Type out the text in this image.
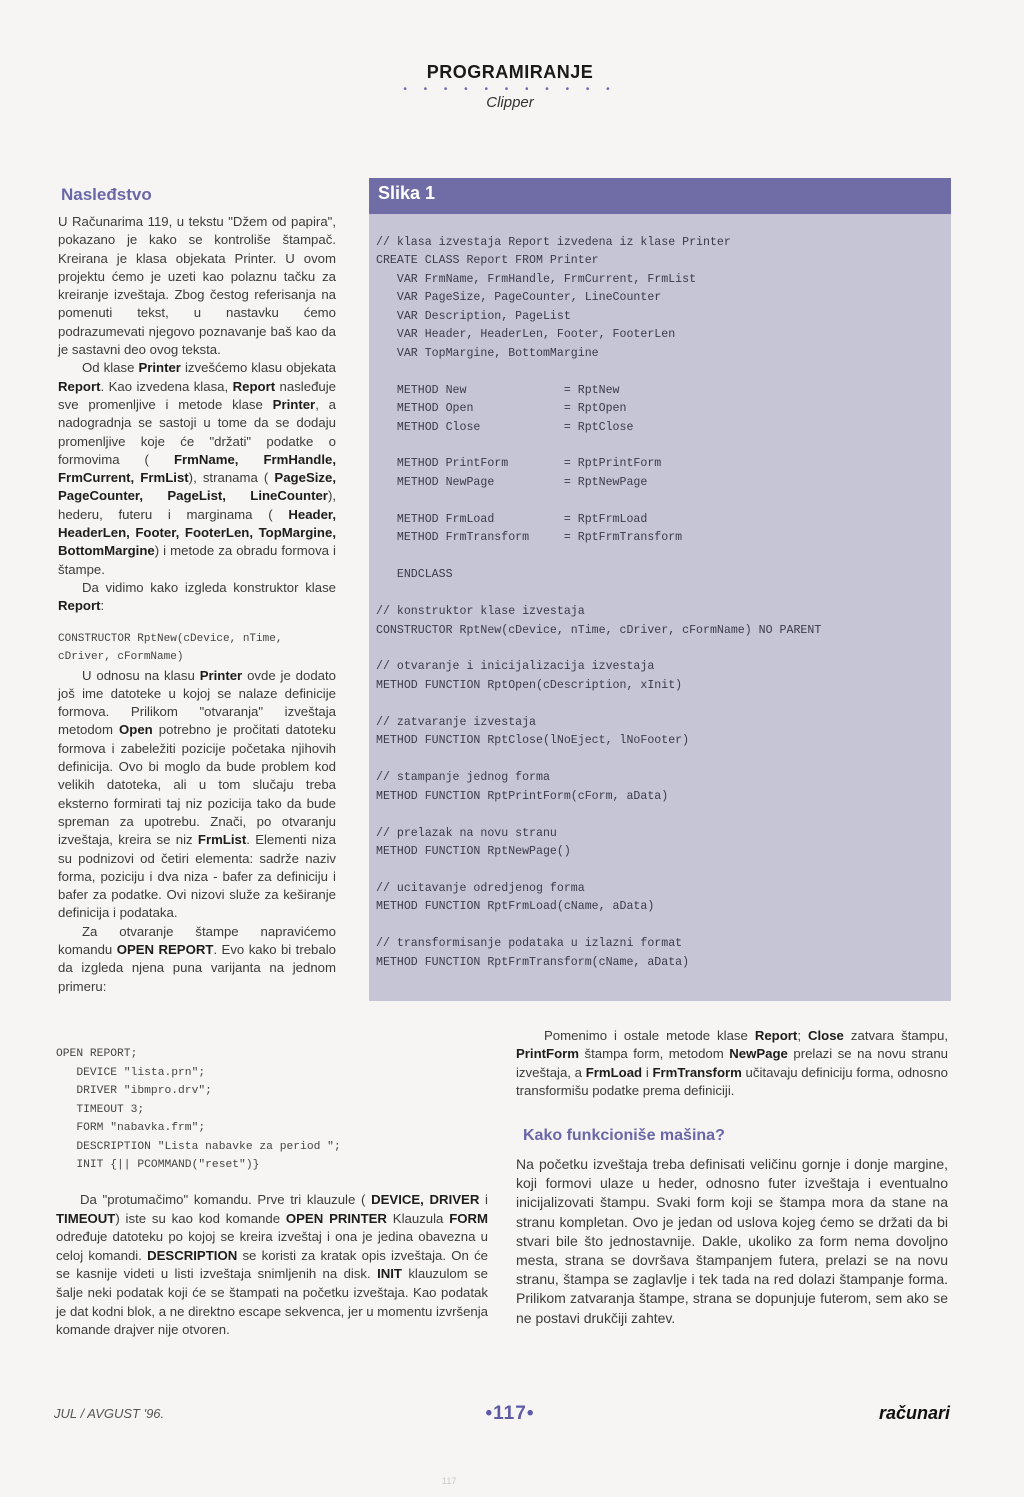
PROGRAMIRANJE
• • • • • • • • • • •
Clipper
Nasleđstvo

U Računarima 119, u tekstu "Džem od papira", pokazano je kako se kontroliše štampač. Kreirana je klasa objekata Printer. U ovom projektu ćemo je uzeti kao polaznu tačku za kreiranje izveštaja. Zbog čestog referisanja na pomenuti tekst, u nastavku ćemo podrazumevati njegovo poznavanje baš kao da je sastavni deo ovog teksta.

Od klase Printer izvešćemo klasu objekata Report. Kao izvedena klasa, Report nasleđuje sve promenljive i metode klase Printer, a nadogradnja se sastoji u tome da se dodaju promenljive koje će "držati" podatke o formovima ( FrmName, FrmHandle, FrmCurrent, FrmList), stranama ( PageSize, PageCounter, PageList, LineCounter), hederu, futeru i marginama ( Header, HeaderLen, Footer, FooterLen, TopMargine, BottomMargine) i metode za obradu formova i štampe.

Da vidimo kako izgleda konstruktor klase Report:

CONSTRUCTOR RptNew(cDevice, nTime,
cDriver, cFormName)

U odnosu na klasu Printer ovde je dodato još ime datoteke u kojoj se nalaze definicije formova. Prilikom "otvaranja" izveštaja metodom Open potrebno je pročitati datoteku formova i zabeležiti pozicije početaka njihovih definicija. Ovo bi moglo da bude problem kod velikih datoteka, ali u tom slučaju treba eksterno formirati taj niz pozicija tako da bude spreman za upotrebu. Znači, po otvaranju izveštaja, kreira se niz FrmList. Elementi niza su podnizovi od četiri elementa: sadrže naziv forma, poziciju i dva niza - bafer za definiciju i bafer za podatke. Ovi nizovi služe za keširanje definicija i podataka.

Za otvaranje štampe napravićemo komandu OPEN REPORT. Evo kako bi trebalo da izgleda njena puna varijanta na jednom primeru:

OPEN REPORT;
DEVICE "lista.prn";
DRIVER "ibmpro.drv";
TIMEOUT 3;
FORM "nabavka.frm";
DESCRIPTION "Lista nabavke za period ";
INIT {|| PCOMMAND("reset")}

Da "protumačimo" komandu. Prve tri klauzule ( DEVICE, DRIVER i TIMEOUT) iste su kao kod komande OPEN PRINTER Klauzula FORM određuje datoteku po kojoj se kreira izveštaj i ona je jedina obavezna u celoj komandi. DESCRIPTION se koristi za kratak opis izveštaja. On će se kasnije videti u listi izveštaja snimljenih na disk. INIT klauzulom se šalje neki podatak koji će se štampati na početku izveštaja. Kao podatak je dat kodni blok, a ne direktno escape sekvenca, jer u momentu izvršenja komande drajver nije otvoren.

Slika 1
// klasa izvestaja Report izvedena iz klase Printer
CREATE CLASS Report FROM Printer
VAR FrmName, FrmHandle, FrmCurrent, FrmList
VAR PageSize, PageCounter, LineCounter
VAR Description, PageList
VAR Header, HeaderLen, Footer, FooterLen
VAR TopMargine, BottomMargine

METHOD New              = RptNew
METHOD Open             = RptOpen
METHOD Close            = RptClose

METHOD PrintForm        = RptPrintForm
METHOD NewPage          = RptNewPage

METHOD FrmLoad          = RptFrmLoad
METHOD FrmTransform     = RptFrmTransform

ENDCLASS

// konstruktor klase izvestaja
CONSTRUCTOR RptNew(cDevice, nTime, cDriver, cFormName) NO PARENT

// otvaranje i inicijalizacija izvestaja
METHOD FUNCTION RptOpen(cDescription, xInit)

// zatvaranje izvestaja
METHOD FUNCTION RptClose(lNoEject, lNoFooter)

// stampanje jednog forma
METHOD FUNCTION RptPrintForm(cForm, aData)

// prelazak na novu stranu
METHOD FUNCTION RptNewPage()

// ucitavanje odredjenog forma
METHOD FUNCTION RptFrmLoad(cName, aData)

// transformisanje podataka u izlazni format
METHOD FUNCTION RptFrmTransform(cName, aData)

Pomenimo i ostale metode klase Report; Close zatvara štampu, PrintForm štampa form, metodom NewPage prelazi se na novu stranu izveštaja, a FrmLoad i FrmTransform učitavaju definiciju forma, odnosno transformišu podatke prema definiciji.

Kako funkcioniše mašina?

Na početku izveštaja treba definisati veličinu gornje i donje margine, koji formovi ulaze u heder, odnosno futer izveštaja i eventualno inicijalizovati štampu. Svaki form koji se štampa mora da stane na stranu kompletan. Ovo je jedan od uslova kojeg ćemo se držati da bi stvari bile što jednostavnije. Dakle, ukoliko za form nema dovoljno mesta, strana se dovršava štampanjem futera, prelazi se na novu stranu, štampa se zaglavlje i tek tada na red dolazi štampanje forma. Prilikom zatvaranja štampe, strana se dopunjuje futerom, sem ako se ne postavi drukčiji zahtev.

JUL / AVGUST '96.	•117•	računari
117
